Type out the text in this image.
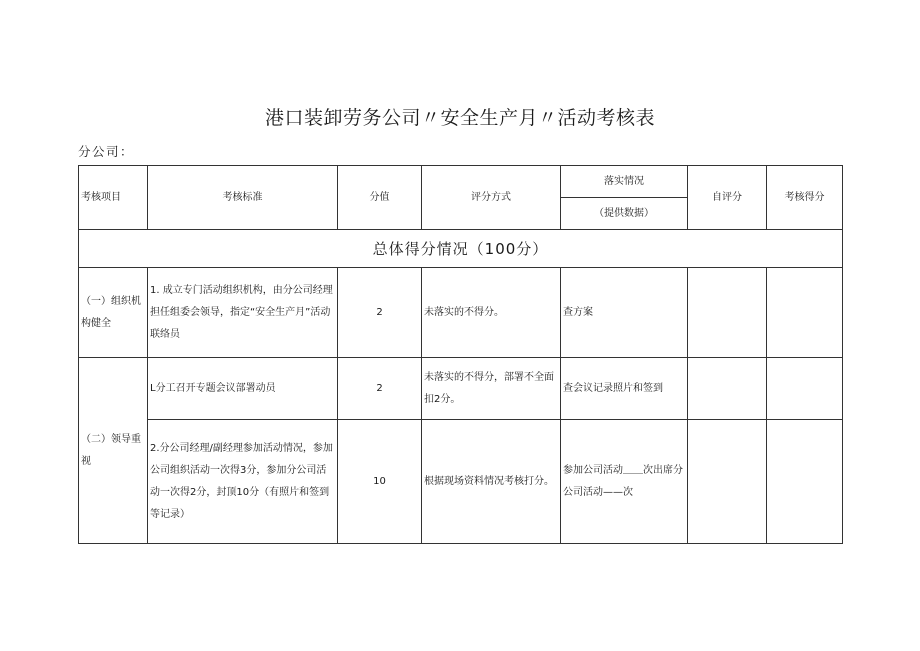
港口装卸劳务公司〃安全生产月〃活动考核表
分公司：
考核项目	考核标准	分值	评分方式	落实情况	自评分	考核得分
				（提供数据）		
总体得分情况（100分）						
（一）组织机构健全	1. 成立专门活动组织机构，由分公司经理担任组委会领导，指定“安全生产月”活动联络员	2	未落实的不得分。	查方案		
（二）领导重视	L分工召开专题会议部署动员	2	未落实的不得分，部署不全面扣2分。	查会议记录照片和签到		
	2.分公司经理/副经理参加活动情况，参加公司组织活动一次得3分，参加分公司活动一次得2分，封顶10分（有照片和签到等记录）	10	根据现场资料情况考核打分。	参加公司活动＿＿次出席分公司活动——次		
